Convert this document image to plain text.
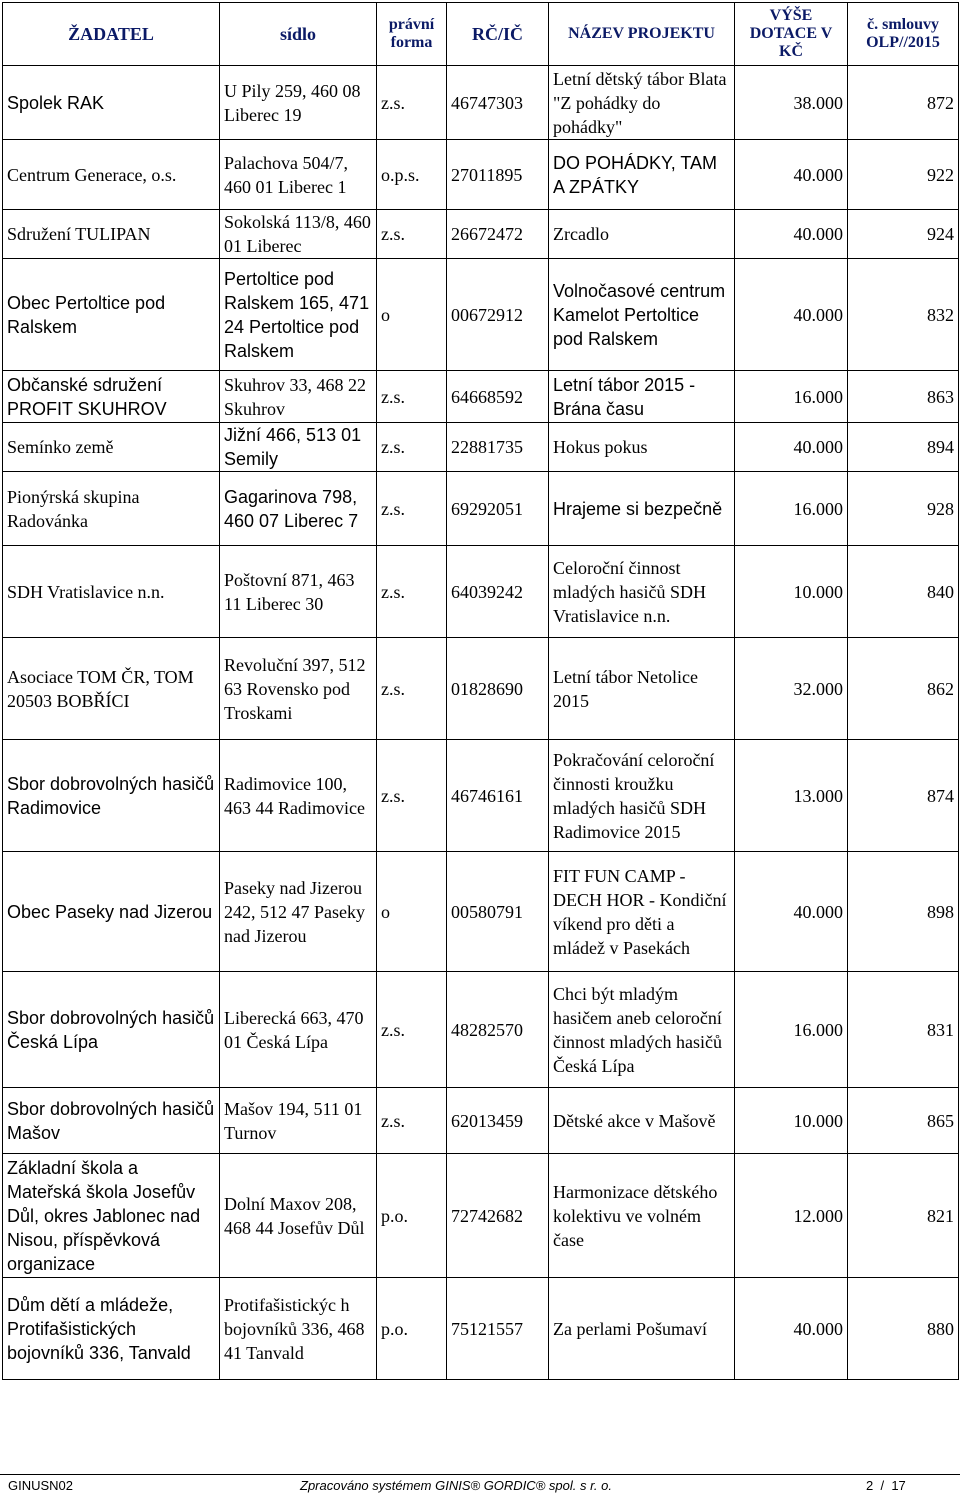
ŽADATEL	sídlo	právní forma	RČ/IČ	NÁZEV PROJEKTU	VÝŠE DOTACE V KČ	č. smlouvy OLP//2015
Spolek RAK	U Pily 259, 460 08 Liberec 19	z.s.	46747303	Letní dětský tábor Blata "Z pohádky do pohádky"	38.000	872
Centrum Generace, o.s.	Palachova 504/7, 460 01 Liberec 1	o.p.s.	27011895	DO POHÁDKY, TAM A ZPÁTKY	40.000	922
Sdružení TULIPAN	Sokolská 113/8, 460 01 Liberec	z.s.	26672472	Zrcadlo	40.000	924
Obec Pertoltice pod Ralskem	Pertoltice pod Ralskem 165, 471 24 Pertoltice pod Ralskem	o	00672912	Volnočasové centrum Kamelot Pertoltice pod Ralskem	40.000	832
Občanské sdružení PROFIT SKUHROV	Skuhrov 33, 468 22 Skuhrov	z.s.	64668592	Letní tábor 2015 - Brána času	16.000	863
Semínko země	Jižní 466, 513 01 Semily	z.s.	22881735	Hokus pokus	40.000	894
Pionýrská skupina Radovánka	Gagarinova 798, 460 07 Liberec 7	z.s.	69292051	Hrajeme si bezpečně	16.000	928
SDH Vratislavice n.n.	Poštovní 871, 463 11 Liberec 30	z.s.	64039242	Celoroční činnost mladých hasičů SDH Vratislavice n.n.	10.000	840
Asociace TOM ČR, TOM 20503 BOBŘÍCI	Revoluční 397, 512 63 Rovensko pod Troskami	z.s.	01828690	Letní tábor Netolice 2015	32.000	862
Sbor dobrovolných hasičů Radimovice	Radimovice 100, 463 44 Radimovice	z.s.	46746161	Pokračování celoroční činnosti kroužku mladých hasičů SDH Radimovice 2015	13.000	874
Obec Paseky nad Jizerou	Paseky nad Jizerou 242, 512 47 Paseky nad Jizerou	o	00580791	FIT FUN CAMP - DECH HOR - Kondiční víkend pro děti a mládež v Pasekách	40.000	898
Sbor dobrovolných hasičů Česká Lípa	Liberecká 663, 470 01 Česká Lípa	z.s.	48282570	Chci být mladým hasičem aneb celoroční činnost mladých hasičů Česká Lípa	16.000	831
Sbor dobrovolných hasičů Mašov	Mašov 194, 511 01 Turnov	z.s.	62013459	Dětské akce v Mašově	10.000	865
Základní škola a Mateřská škola Josefův Důl, okres Jablonec nad Nisou, příspěvková organizace	Dolní Maxov 208, 468 44 Josefův Důl	p.o.	72742682	Harmonizace dětského kolektivu ve volném čase	12.000	821
Dům dětí a mládeže, Protifašistických bojovníků 336, Tanvald	Protifašistickýc h bojovníků 336, 468 41 Tanvald	p.o.	75121557	Za perlami Pošumaví	40.000	880
GINUSN02	Zpracováno systémem GINIS® GORDIC® spol. s r. o.	2 / 17
